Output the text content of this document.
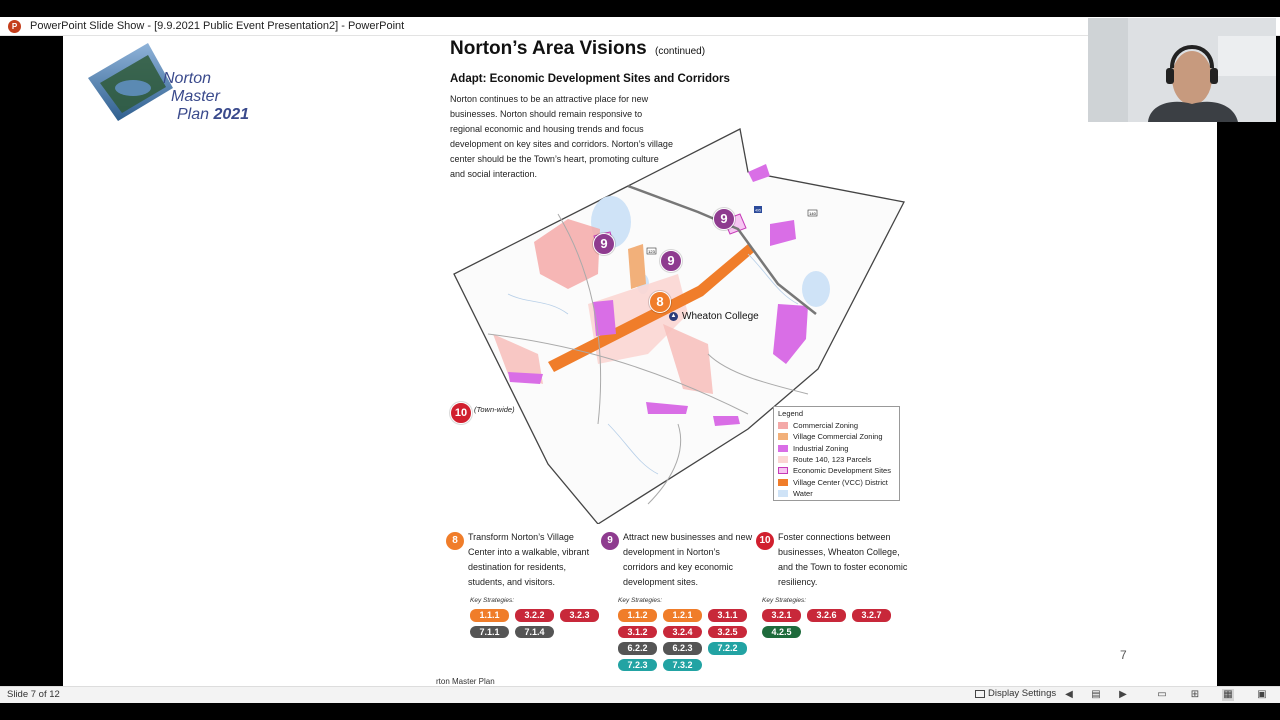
P	PowerPoint Slide Show - [9.9.2021 Public Event Presentation2] - PowerPoint
Norton
Master
Plan 2021
Norton’s Area Visions (continued)
Adapt: Economic Development Sites and Corridors
Norton continues to be an attractive place for new businesses. Norton should remain responsive to regional economic and housing trends and focus development on key sites and corridors. Norton’s village center should be the Town’s heart, promoting culture and social interaction.
123
140
495
9
9
9
8
10 (Town-wide)
▲ Wheaton College
Legend
Commercial Zoning
Village Commercial Zoning
Industrial Zoning
Route 140, 123 Parcels
Economic Development Sites
Village Center (VCC) District
Water
8	Transform Norton’s Village Center into a walkable, vibrant destination for residents, students, and visitors.
Key Strategies:
1.1.1	3.2.2	3.2.3
7.1.1	7.1.4
9	Attract new businesses and new development in Norton’s corridors and key economic development sites.
Key Strategies:
1.1.2	1.2.1	3.1.1
3.1.2	3.2.4	3.2.5
6.2.2	6.2.3	7.2.2
7.2.3	7.3.2
10 Foster connections between businesses, Wheaton College, and the Town to foster economic resiliency.
Key Strategies:
3.2.1	3.2.6	3.2.7
4.2.5
7
rton Master Plan
Slide 7 of 12	Display Settings ◀ ▤ ▶	▭ ⊞ ▦ ▣
